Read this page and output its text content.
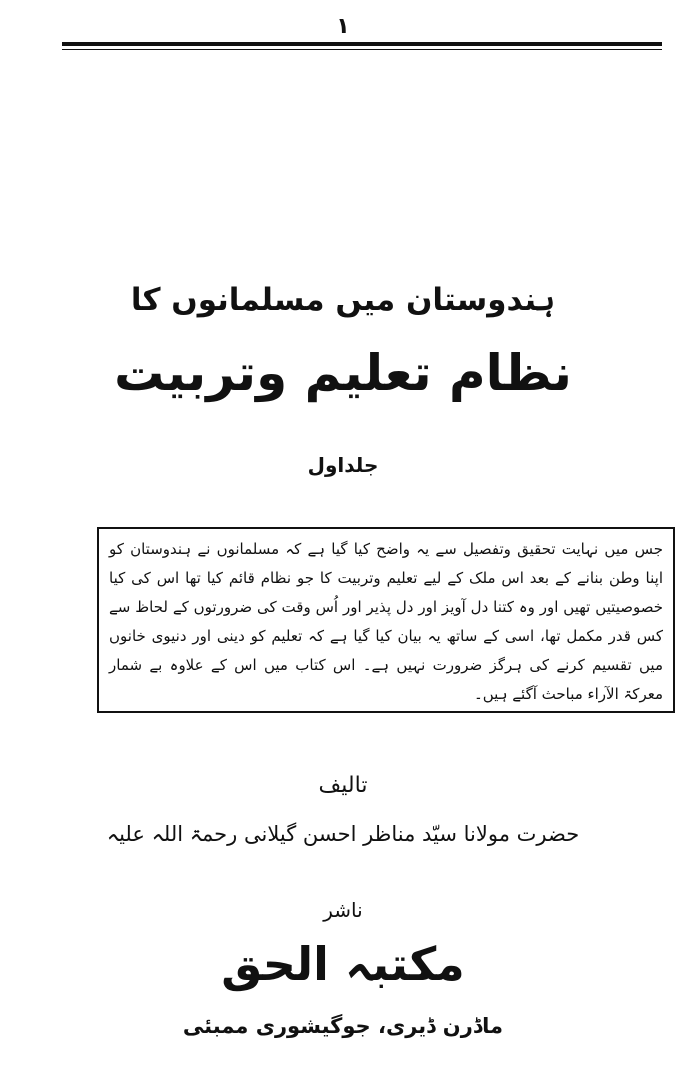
۱
ہندوستان میں مسلمانوں کا
نظام تعلیم وتربیت
جلداول

جس میں نہایت تحقیق وتفصیل سے یہ واضح کیا گیا ہے کہ مسلمانوں نے ہندوستان کو اپنا وطن بنانے کے بعد اس ملک کے لیے تعلیم وتربیت کا جو نظام قائم کیا تھا اس کی کیا خصوصیتیں تھیں اور وہ کتنا دل آویز اور دل پذیر اور اُس وقت کی ضرورتوں کے لحاظ سے کس قدر مکمل تھا، اسی کے ساتھ یہ بیان کیا گیا ہے کہ تعلیم کو دینی اور دنیوی خانوں میں تقسیم کرنے کی ہرگز ضرورت نہیں ہے۔ اس کتاب میں اس کے علاوہ بے شمار معرکۃ الآراء مباحث آگئے ہیں۔

تالیف
حضرت مولانا سیّد مناظر احسن گیلانی رحمۃ اللہ علیہ
ناشر
مکتبہ الحق
ماڈرن ڈیری، جوگیشوری ممبئی
